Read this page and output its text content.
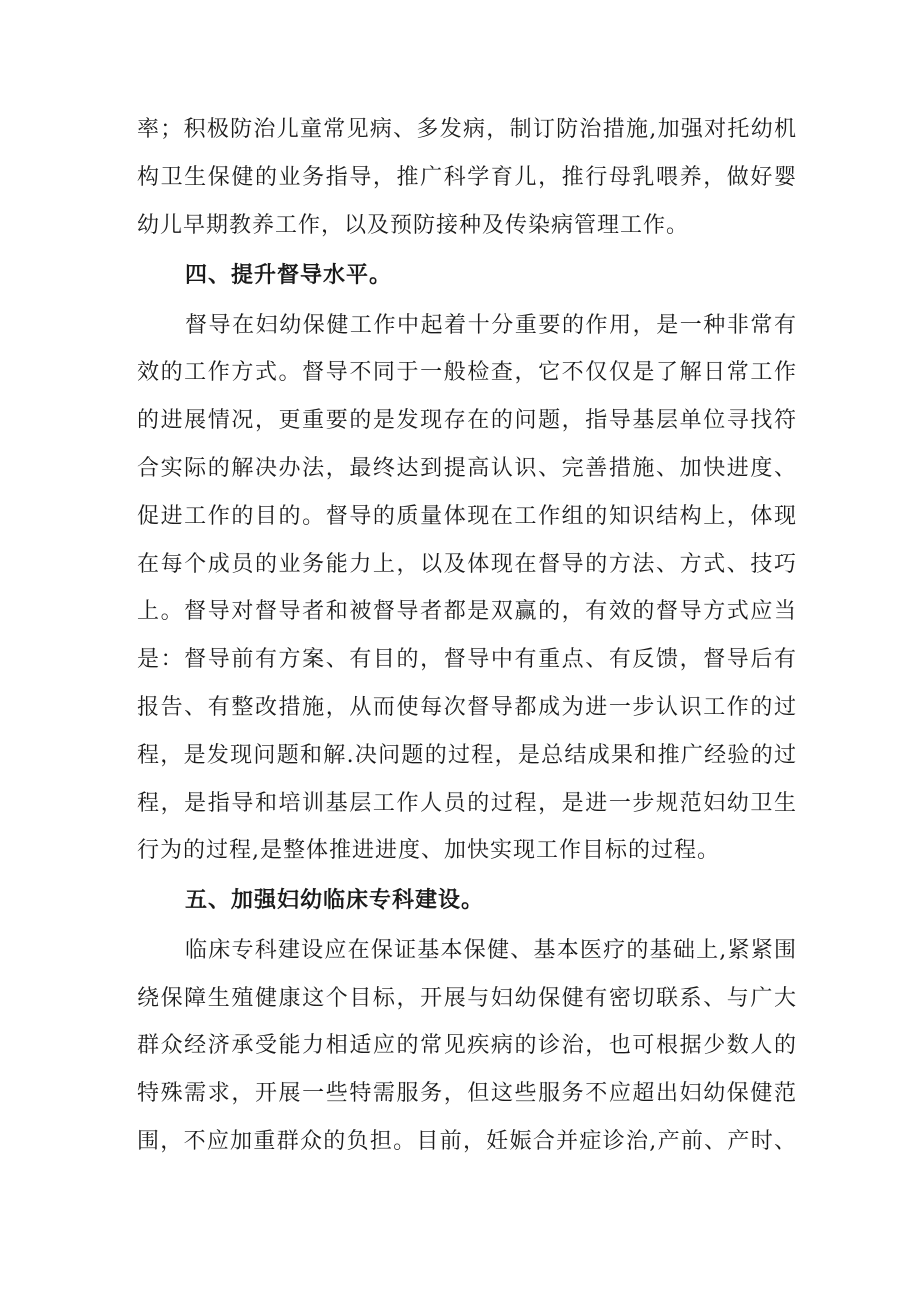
率；积极防治儿童常见病、多发病，制订防治措施,加强对托幼机
构卫生保健的业务指导，推广科学育儿，推行母乳喂养，做好婴
幼儿早期教养工作，以及预防接种及传染病管理工作。
四、提升督导水平。
督导在妇幼保健工作中起着十分重要的作用，是一种非常有
效的工作方式。督导不同于一般检查，它不仅仅是了解日常工作
的进展情况，更重要的是发现存在的问题，指导基层单位寻找符
合实际的解决办法，最终达到提高认识、完善措施、加快进度、
促进工作的目的。督导的质量体现在工作组的知识结构上，体现
在每个成员的业务能力上，以及体现在督导的方法、方式、技巧
上。督导对督导者和被督导者都是双赢的，有效的督导方式应当
是：督导前有方案、有目的，督导中有重点、有反馈，督导后有
报告、有整改措施，从而使每次督导都成为进一步认识工作的过
程，是发现问题和解.决问题的过程，是总结成果和推广经验的过
程，是指导和培训基层工作人员的过程，是进一步规范妇幼卫生
行为的过程,是整体推进进度、加快实现工作目标的过程。
五、加强妇幼临床专科建设。
临床专科建设应在保证基本保健、基本医疗的基础上,紧紧围
绕保障生殖健康这个目标，开展与妇幼保健有密切联系、与广大
群众经济承受能力相适应的常见疾病的诊治，也可根据少数人的
特殊需求，开展一些特需服务，但这些服务不应超出妇幼保健范
围，不应加重群众的负担。目前，妊娠合并症诊治,产前、产时、
